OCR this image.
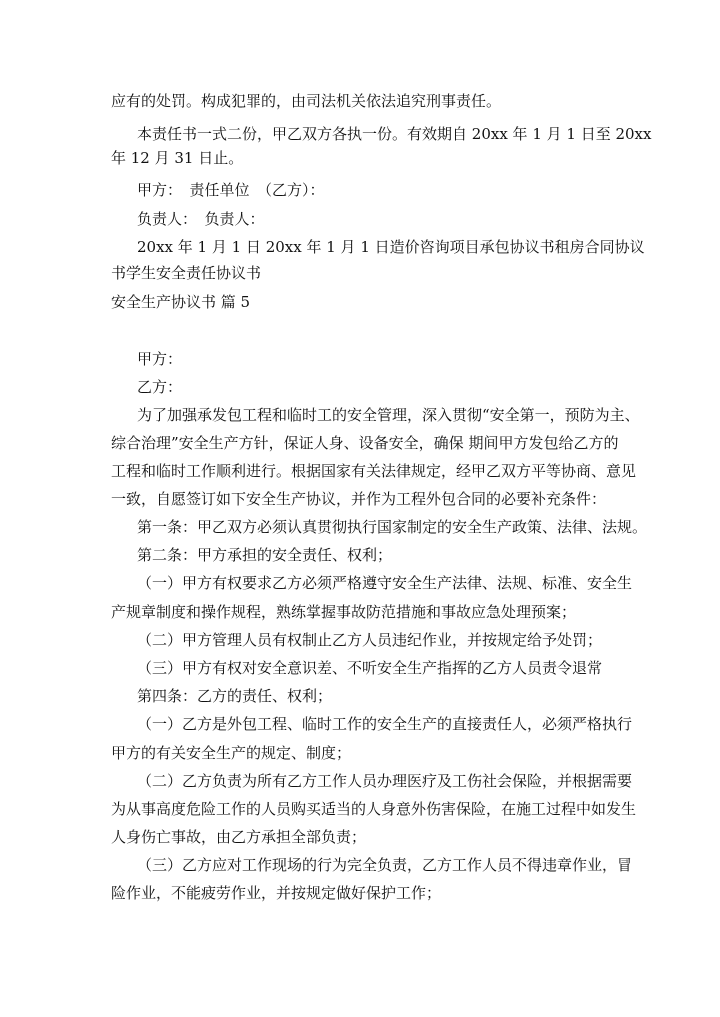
应有的处罚。构成犯罪的，由司法机关依法追究刑事责任。
本责任书一式二份，甲乙双方各执一份。有效期自 20xx 年 1 月 1 日至 20xx
年 12 月 31 日止。
甲方：　责任单位　（乙方）：
负责人：　负责人：
20xx 年 1 月 1 日 20xx 年 1 月 1 日造价咨询项目承包协议书租房合同协议
书学生安全责任协议书
安全生产协议书 篇 5
甲方：
乙方：
为了加强承发包工程和临时工的安全管理，深入贯彻“安全第一，预防为主、
综合治理”安全生产方针，保证人身、设备安全，确保 期间甲方发包给乙方的
工程和临时工作顺利进行。根据国家有关法律规定，经甲乙双方平等协商、意见
一致，自愿签订如下安全生产协议，并作为工程外包合同的必要补充条件：
第一条：甲乙双方必须认真贯彻执行国家制定的安全生产政策、法律、法规。
第二条：甲方承担的安全责任、权利；
（一）甲方有权要求乙方必须严格遵守安全生产法律、法规、标准、安全生
产规章制度和操作规程，熟练掌握事故防范措施和事故应急处理预案；
（二）甲方管理人员有权制止乙方人员违纪作业，并按规定给予处罚；
（三）甲方有权对安全意识差、不听安全生产指挥的乙方人员责令退常
第四条：乙方的责任、权利；
（一）乙方是外包工程、临时工作的安全生产的直接责任人，必须严格执行
甲方的有关安全生产的规定、制度；
（二）乙方负责为所有乙方工作人员办理医疗及工伤社会保险，并根据需要
为从事高度危险工作的人员购买适当的人身意外伤害保险，在施工过程中如发生
人身伤亡事故，由乙方承担全部负责；
（三）乙方应对工作现场的行为完全负责，乙方工作人员不得违章作业，冒
险作业，不能疲劳作业，并按规定做好保护工作；
